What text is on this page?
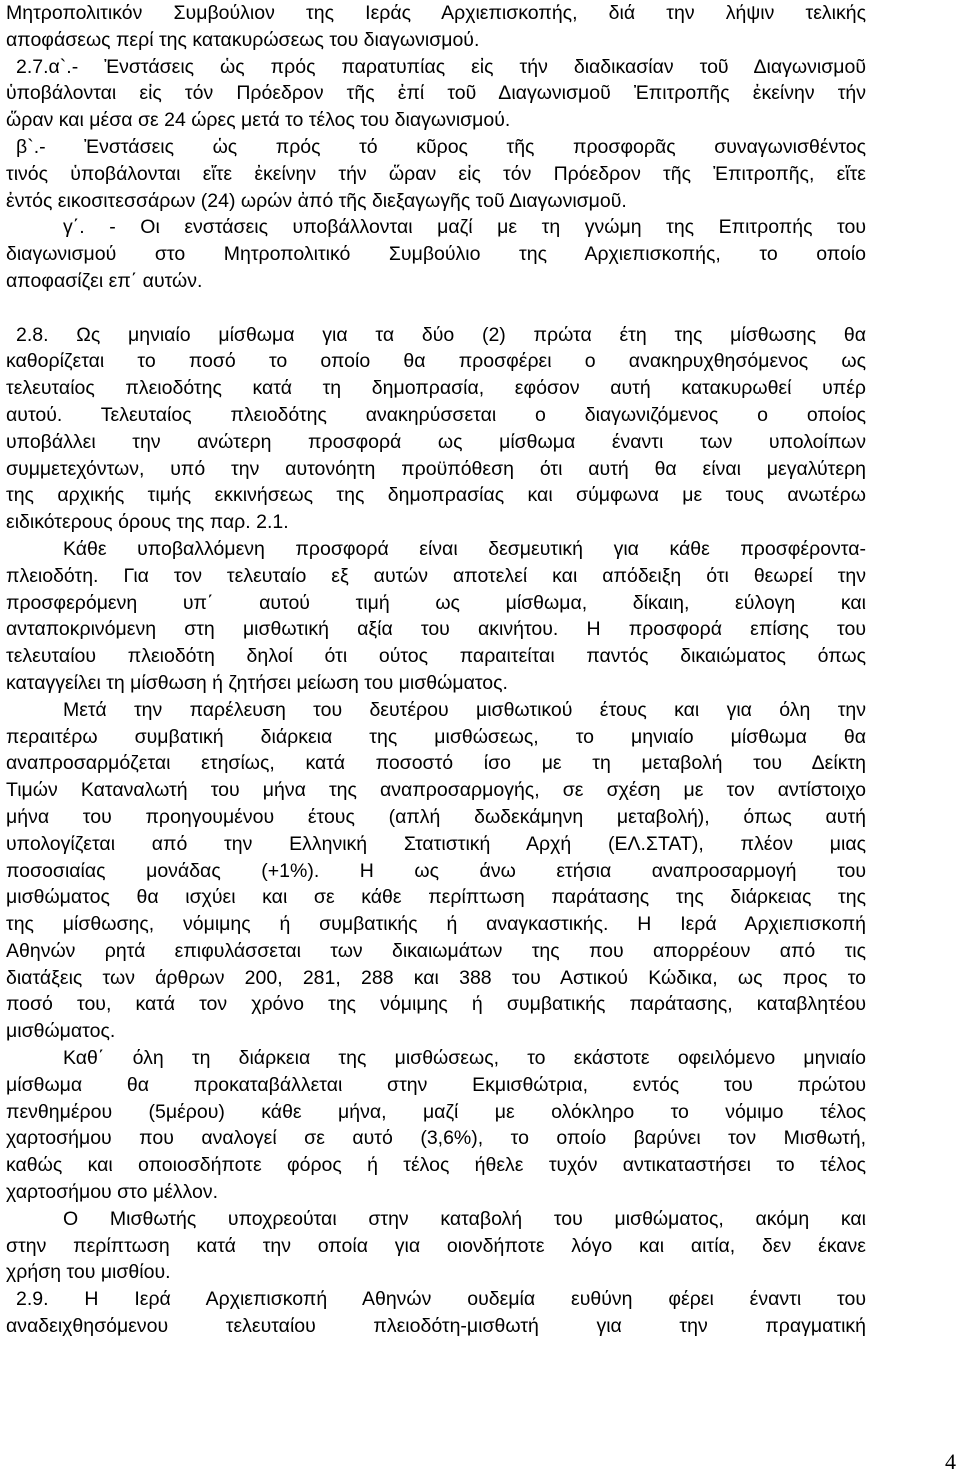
Μητροπολιτικόν Συμβούλιον της Ιεράς Αρχιεπισκοπής, διά την λήψιν τελικής
αποφάσεως περί της κατακυρώσεως του διαγωνισμού.
2.7.α`.- Ἐνστάσεις ὡς πρός παρατυπίας εἰς τήν διαδικασίαν τοῦ Διαγωνισμοῦ
ὑποβάλονται εἰς τόν Πρόεδρον τῆς ἐπί τοῦ Διαγωνισμοῦ Ἐπιτροπῆς ἐκείνην τήν
ὥραν και μέσα σε 24 ώρες μετά το τέλος του διαγωνισμού.
β`.- Ἐνστάσεις ὡς πρός τό κῦρος τῆς προσφορᾶς συναγωνισθέντος
τινός ὑποβάλονται εἴτε ἐκείνην τήν ὥραν εἰς τόν Πρόεδρον τῆς Ἐπιτροπῆς, εἴτε
ἐντός εικοσιτεσσάρων (24) ωρών ἀπό τῆς διεξαγωγῆς τοῦ Διαγωνισμοῦ.
γ΄. - Οι ενστάσεις υποβάλλονται μαζί με τη γνώμη της Επιτροπής του
διαγωνισμού στο Μητροπολιτικό Συμβούλιο της Αρχιεπισκοπής, το οποίο
αποφασίζει επ΄ αυτών.
2.8. Ως μηνιαίο μίσθωμα για τα δύο (2) πρώτα έτη της μίσθωσης θα
καθορίζεται το ποσό το οποίο θα προσφέρει ο ανακηρυχθησόμενος ως
τελευταίος πλειοδότης κατά τη δημοπρασία, εφόσον αυτή κατακυρωθεί υπέρ
αυτού. Τελευταίος πλειοδότης ανακηρύσσεται ο διαγωνιζόμενος ο οποίος
υποβάλλει την ανώτερη προσφορά ως μίσθωμα έναντι των υπολοίπων
συμμετεχόντων, υπό την αυτονόητη προϋπόθεση ότι αυτή θα είναι μεγαλύτερη
της αρχικής τιμής εκκινήσεως της δημοπρασίας και σύμφωνα με τους ανωτέρω
ειδικότερους όρους της παρ. 2.1.
Κάθε υποβαλλόμενη προσφορά είναι δεσμευτική για κάθε προσφέροντα-
πλειοδότη. Για τον τελευταίο εξ αυτών αποτελεί και απόδειξη ότι θεωρεί την
προσφερόμενη υπ΄ αυτού τιμή ως μίσθωμα, δίκαιη, εύλογη και
ανταποκρινόμενη στη μισθωτική αξία του ακινήτου. Η προσφορά επίσης του
τελευταίου πλειοδότη δηλοί ότι ούτος παραιτείται παντός δικαιώματος όπως
καταγγείλει τη μίσθωση ή ζητήσει μείωση του μισθώματος.
Μετά την παρέλευση του δευτέρου μισθωτικού έτους και για όλη την
περαιτέρω συμβατική διάρκεια της μισθώσεως, το μηνιαίο μίσθωμα θα
αναπροσαρμόζεται ετησίως, κατά ποσοστό ίσο με τη μεταβολή του Δείκτη
Τιμών Καταναλωτή του μήνα της αναπροσαρμογής, σε σχέση με τον αντίστοιχο
μήνα του προηγουμένου έτους (απλή δωδεκάμηνη μεταβολή), όπως αυτή
υπολογίζεται από την Ελληνική Στατιστική Αρχή (ΕΛ.ΣΤΑΤ), πλέον μιας
ποσοσιαίας μονάδας (+1%). Η ως άνω ετήσια αναπροσαρμογή του
μισθώματος θα ισχύει και σε κάθε περίπτωση παράτασης της διάρκειας της
της μίσθωσης, νόμιμης ή συμβατικής ή αναγκαστικής. Η Ιερά Αρχιεπισκοπή
Αθηνών ρητά επιφυλάσσεται των δικαιωμάτων της που απορρέουν από τις
διατάξεις των άρθρων 200, 281, 288 και 388 του Αστικού Κώδικα, ως προς το
ποσό του, κατά τον χρόνο της νόμιμης ή συμβατικής παράτασης, καταβλητέου
μισθώματος.
Καθ΄ όλη τη διάρκεια της μισθώσεως, το εκάστοτε οφειλόμενο μηνιαίο
μίσθωμα θα προκαταβάλλεται στην Εκμισθώτρια, εντός του πρώτου
πενθημέρου (5μέρου) κάθε μήνα, μαζί με ολόκληρο το νόμιμο τέλος
χαρτοσήμου που αναλογεί σε αυτό (3,6%), το οποίο βαρύνει τον Μισθωτή,
καθώς και οποιοσδήποτε φόρος ή τέλος ήθελε τυχόν αντικαταστήσει το τέλος
χαρτοσήμου στο μέλλον.
Ο Μισθωτής υποχρεούται στην καταβολή του μισθώματος, ακόμη και
στην περίπτωση κατά την οποία για οιονδήποτε λόγο και αιτία, δεν έκανε
χρήση του μισθίου.
2.9. Η Ιερά Αρχιεπισκοπή Αθηνών ουδεμία ευθύνη φέρει έναντι του
αναδειχθησόμενου τελευταίου πλειοδότη-μισθωτή για την πραγματική
4
